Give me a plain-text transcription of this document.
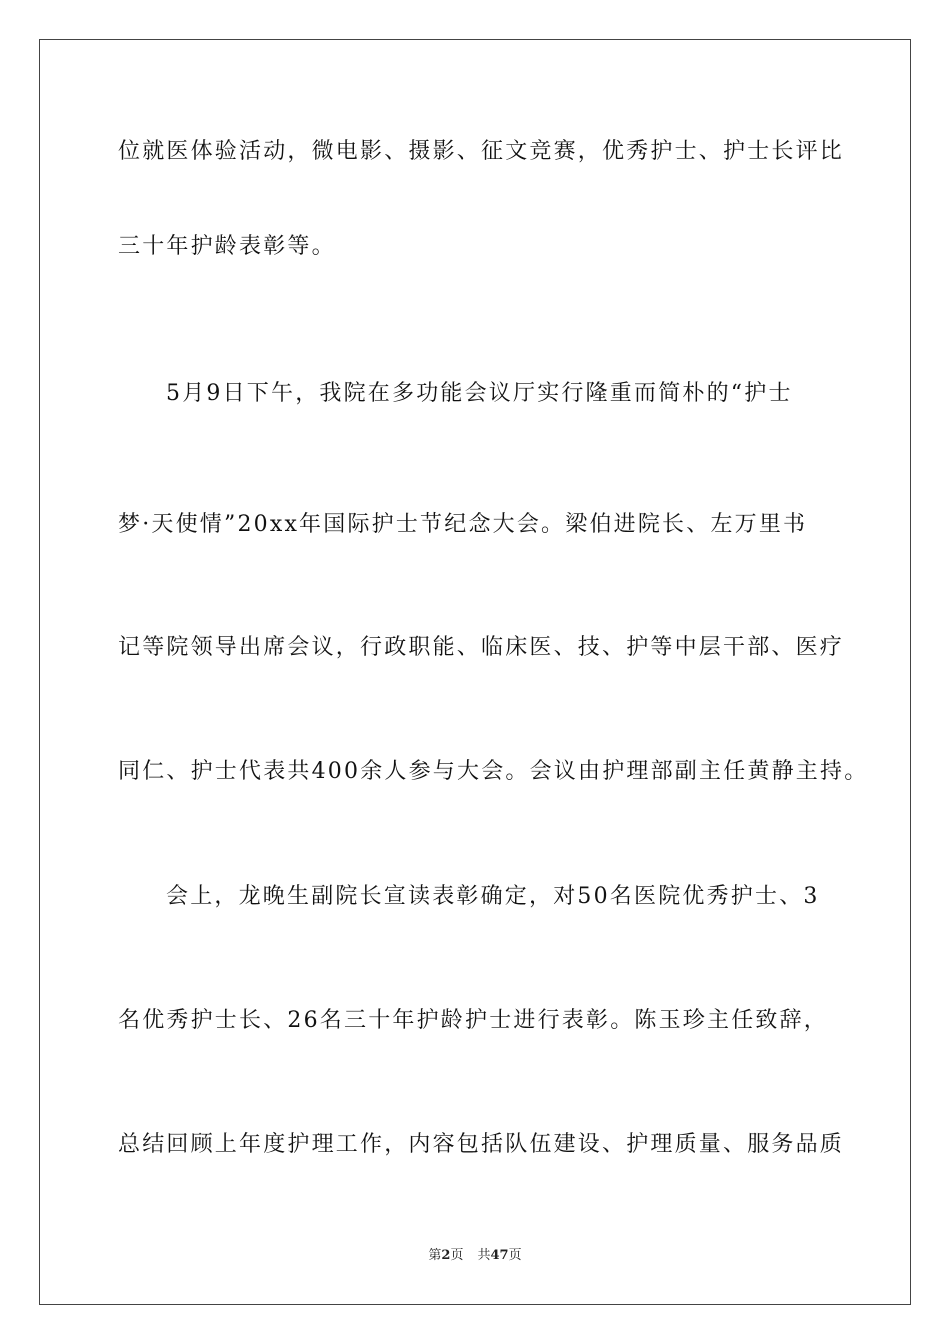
位就医体验活动，微电影、摄影、征文竞赛，优秀护士、护士长评比
三十年护龄表彰等。
5月9日下午，我院在多功能会议厅实行隆重而简朴的“护士
梦·天使情”20xx年国际护士节纪念大会。梁伯进院长、左万里书
记等院领导出席会议，行政职能、临床医、技、护等中层干部、医疗
同仁、护士代表共400余人参与大会。会议由护理部副主任黄静主持。
会上，龙晚生副院长宣读表彰确定，对50名医院优秀护士、3
名优秀护士长、26名三十年护龄护士进行表彰。陈玉珍主任致辞，
总结回顾上年度护理工作，内容包括队伍建设、护理质量、服务品质
第2页 共47页
